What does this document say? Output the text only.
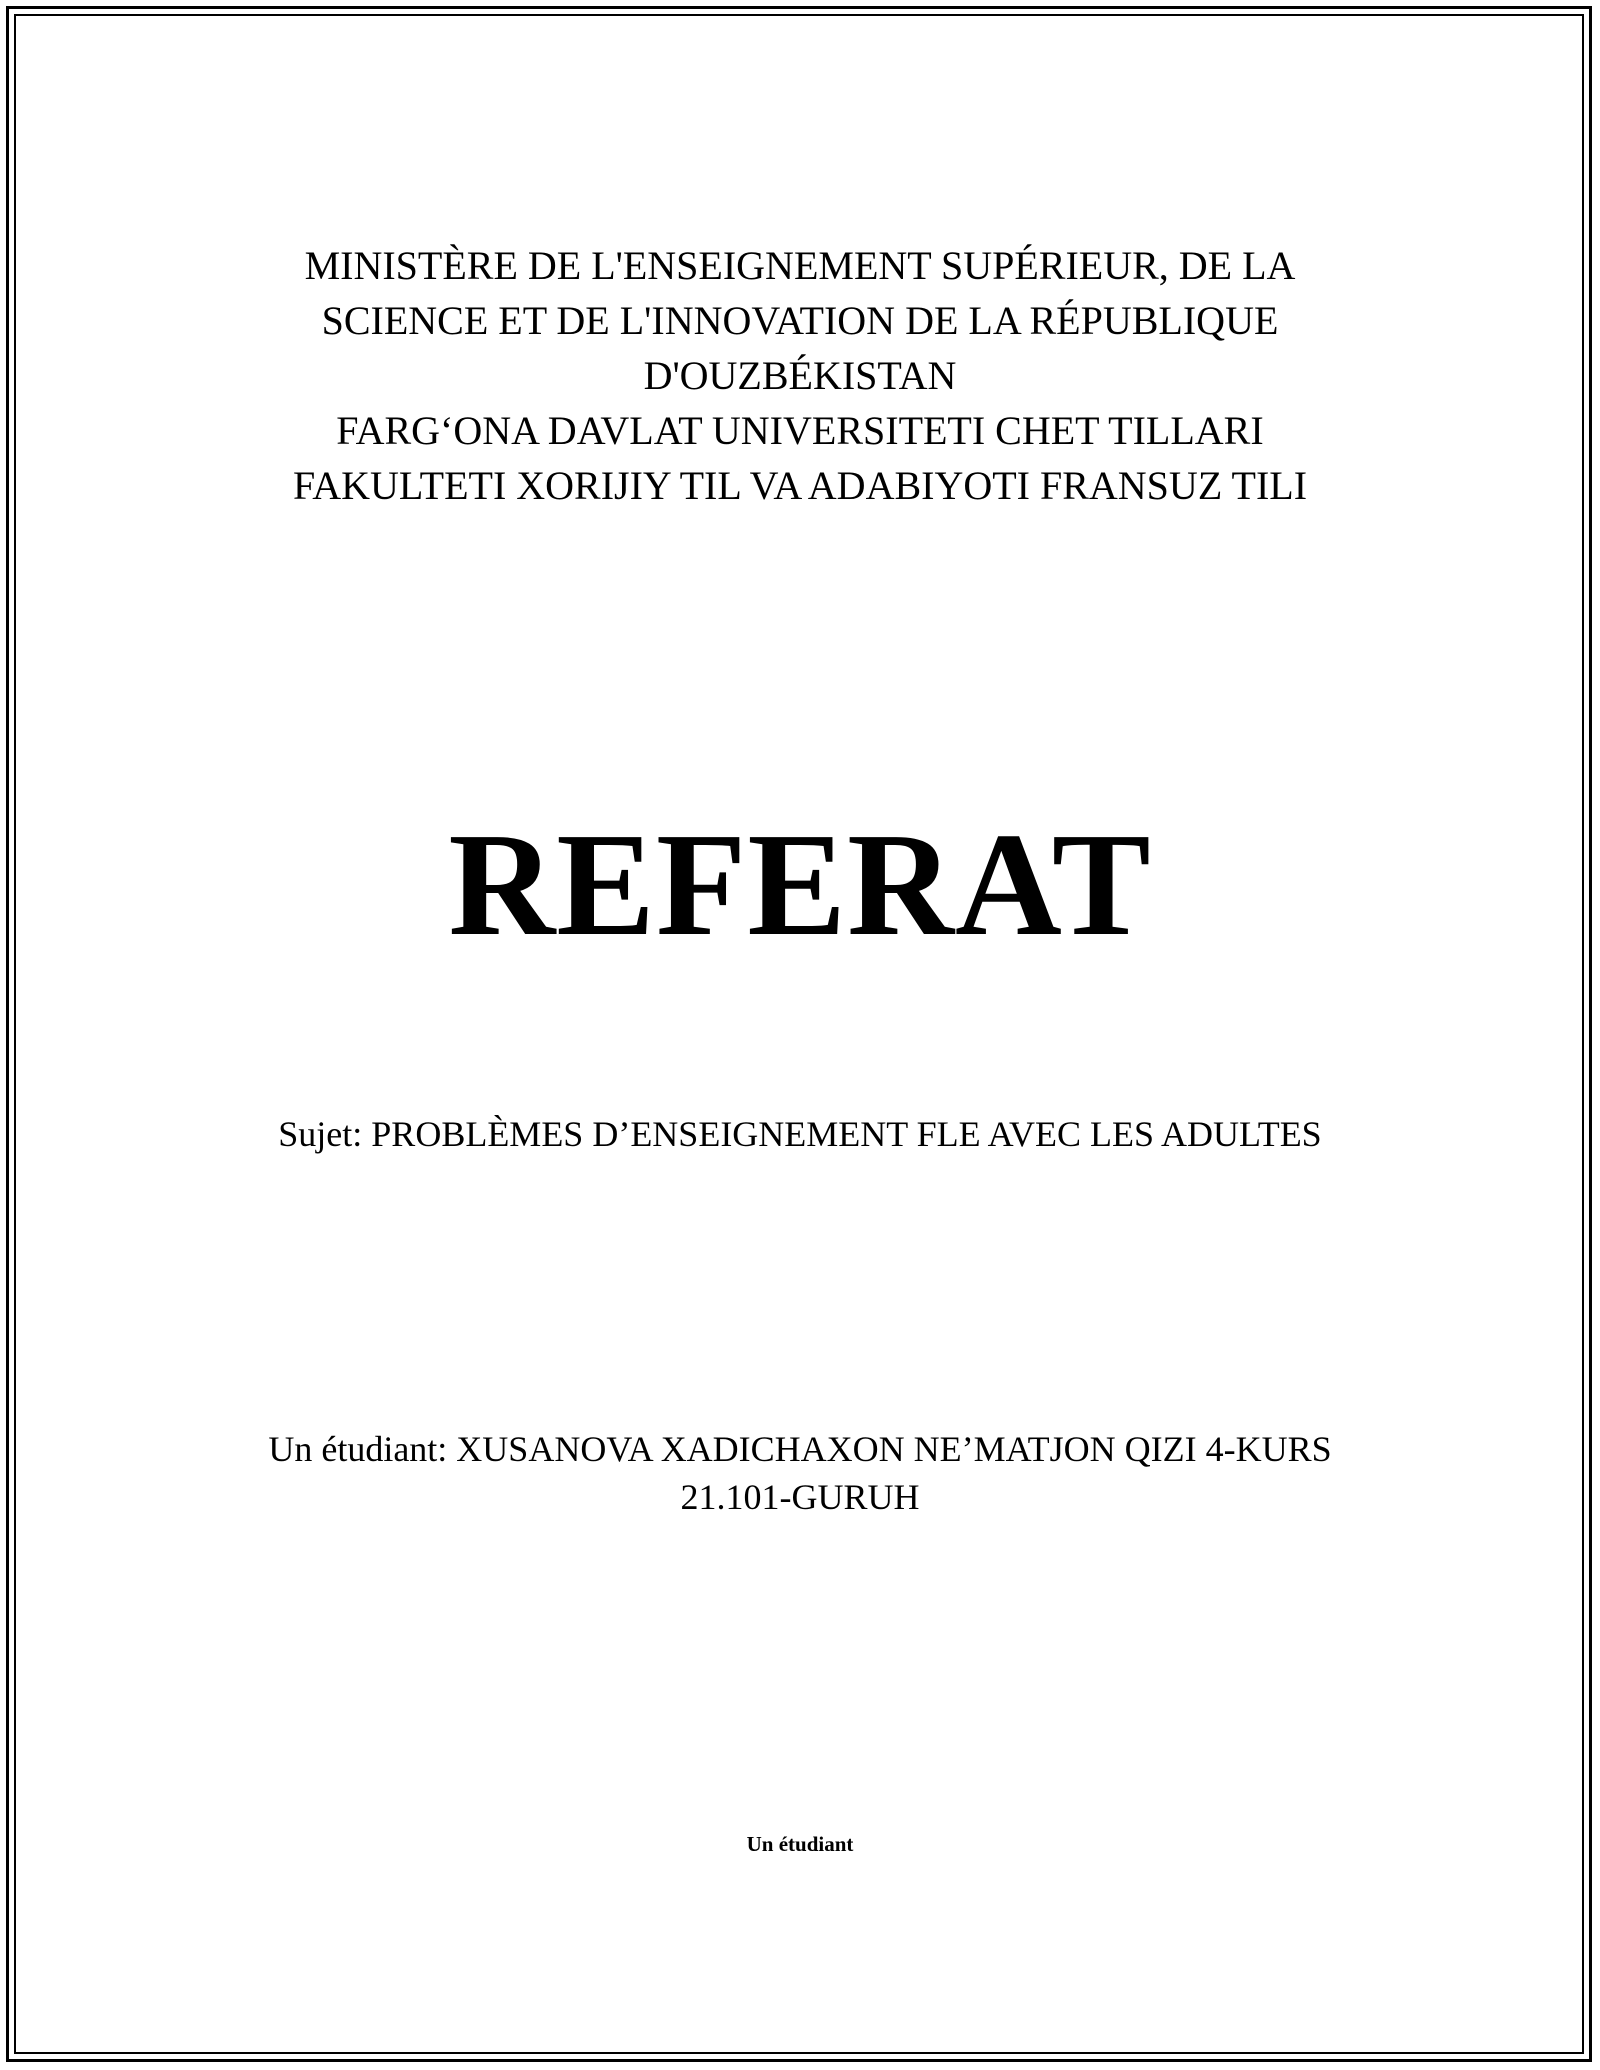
MINISTÈRE DE L'ENSEIGNEMENT SUPÉRIEUR, DE LA
SCIENCE ET DE L'INNOVATION DE LA RÉPUBLIQUE
D'OUZBÉKISTAN
FARG‘ONA DAVLAT UNIVERSITETI CHET TILLARI
FAKULTETI XORIJIY TIL VA ADABIYOTI FRANSUZ TILI
REFERAT
Sujet: PROBLÈMES D’ENSEIGNEMENT FLE AVEC LES ADULTES
Un étudiant: XUSANOVA XADICHAXON NE’MATJON QIZI 4-KURS
21.101-GURUH
Un étudiant
